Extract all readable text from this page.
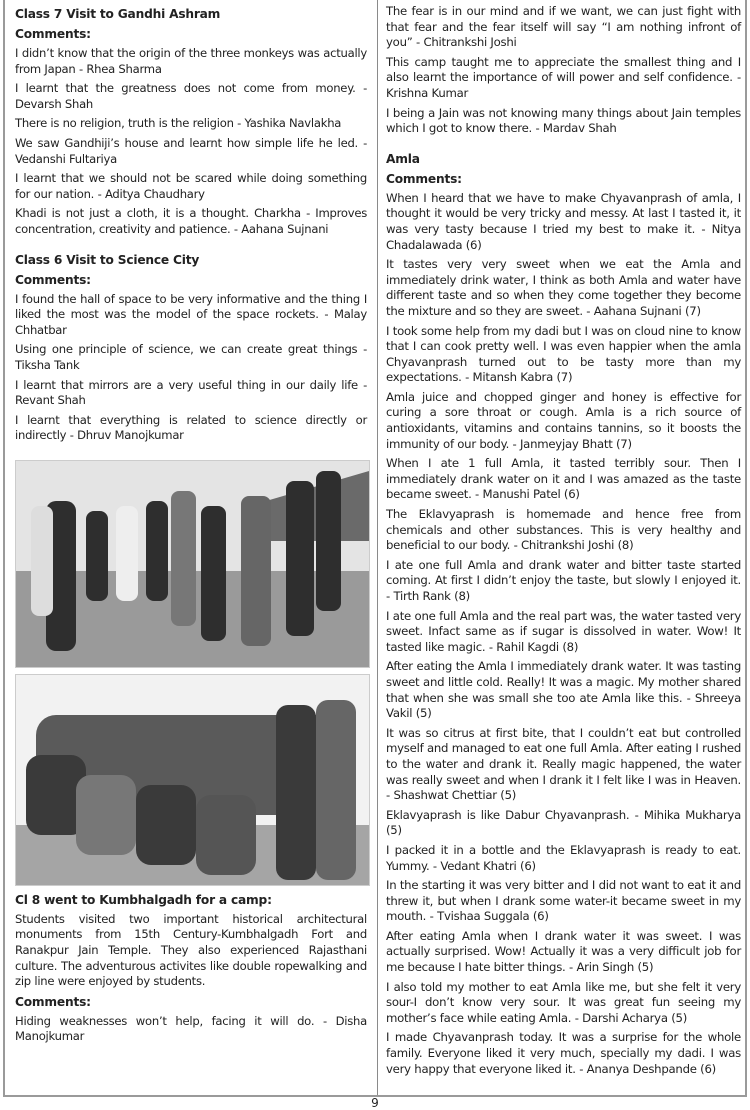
Class 7 Visit to Gandhi Ashram
Comments:
I didn’t know that the origin of the three monkeys was actually from Japan - Rhea Sharma
I learnt that the greatness does not come from money. - Devarsh Shah
There is no religion, truth is the religion - Yashika Navlakha
We saw Gandhiji’s house and learnt how simple life he led. - Vedanshi Fultariya
I learnt that we should not be scared while doing something for our nation. - Aditya Chaudhary
Khadi is not just a cloth, it is a thought. Charkha - Improves concentration, creativity and patience. - Aahana Sujnani
Class 6 Visit to Science City
Comments:
I found the hall of space to be very informative and the thing I liked the most was the model of the space rockets. - Malay Chhatbar
Using one principle of science, we can create great things - Tiksha Tank
I learnt that mirrors are a very useful thing in our daily life - Revant Shah
I learnt that everything is related to science directly or indirectly - Dhruv Manojkumar
Cl 8 went to Kumbhalgadh for a camp:
Students visited two important historical architectural monuments from 15th Century-Kumbhalgadh Fort and Ranakpur Jain Temple. They also experienced Rajasthani culture. The adventurous activites like double ropewalking and zip line were enjoyed by students.
Comments:
Hiding weaknesses won’t help, facing it will do. - Disha Manojkumar
The fear is in our mind and if we want, we can just fight with that fear and the fear itself will say “I am nothing infront of you” - Chitrankshi Joshi
This camp taught me to appreciate the smallest thing and I also learnt the importance of will power and self confidence. - Krishna Kumar
I being a Jain was not knowing many things about Jain temples which I got to know there. - Mardav Shah
Amla
Comments:
When I heard that we have to make Chyavanprash of amla, I thought it would be very tricky and messy. At last I tasted it, it was very tasty because I tried my best to make it. - Nitya Chadalawada (6)
It tastes very very sweet when we eat the Amla and immediately drink water, I think as both Amla and water have different taste and so when they come together they become the mixture and so they are sweet. - Aahana Sujnani (7)
I took some help from my dadi but I was on cloud nine to know that I can cook pretty well. I was even happier when the amla Chyavanprash turned out to be tasty more than my expectations. - Mitansh Kabra (7)
Amla juice and chopped ginger and honey is effective for curing a sore throat or cough. Amla is a rich source of antioxidants, vitamins and contains tannins, so it boosts the immunity of our body. - Janmeyjay Bhatt (7)
When I ate 1 full Amla, it tasted terribly sour. Then I immediately drank water on it and I was amazed as the taste became sweet. - Manushi Patel (6)
The Eklavyaprash is homemade and hence free from chemicals and other substances. This is very healthy and beneficial to our body. - Chitrankshi Joshi (8)
I ate one full Amla and drank water and bitter taste started coming. At first I didn’t enjoy the taste, but slowly I enjoyed it. - Tirth Rank (8)
I ate one full Amla and the real part was, the water tasted very sweet. Infact same as if sugar is dissolved in water. Wow! It tasted like magic. - Rahil Kagdi (8)
After eating the Amla I immediately drank water. It was tasting sweet and little cold. Really! It was a magic. My mother shared that when she was small she too ate Amla like this. - Shreeya Vakil (5)
It was so citrus at first bite, that I couldn’t eat but controlled myself and managed to eat one full Amla. After eating I rushed to the water and drank it. Really magic happened, the water was really sweet and when I drank it I felt like I was in Heaven. - Shashwat Chettiar (5)
Eklavyaprash is like Dabur Chyavanprash. - Mihika Mukharya (5)
I packed it in a bottle and the Eklavyaprash is ready to eat. Yummy. - Vedant Khatri (6)
In the starting it was very bitter and I did not want to eat it and threw it, but when I drank some water-it became sweet in my mouth. - Tvishaa Suggala (6)
After eating Amla when I drank water it was sweet. I was actually surprised. Wow! Actually it was a very difficult job for me because I hate bitter things. - Arin Singh (5)
I also told my mother to eat Amla like me, but she felt it very sour-I don’t know very sour. It was great fun seeing my mother’s face while eating Amla. - Darshi Acharya (5)
I made Chyavanprash today. It was a surprise for the whole family. Everyone liked it very much, specially my dadi. I was very happy that everyone liked it. - Ananya Deshpande (6)
9
